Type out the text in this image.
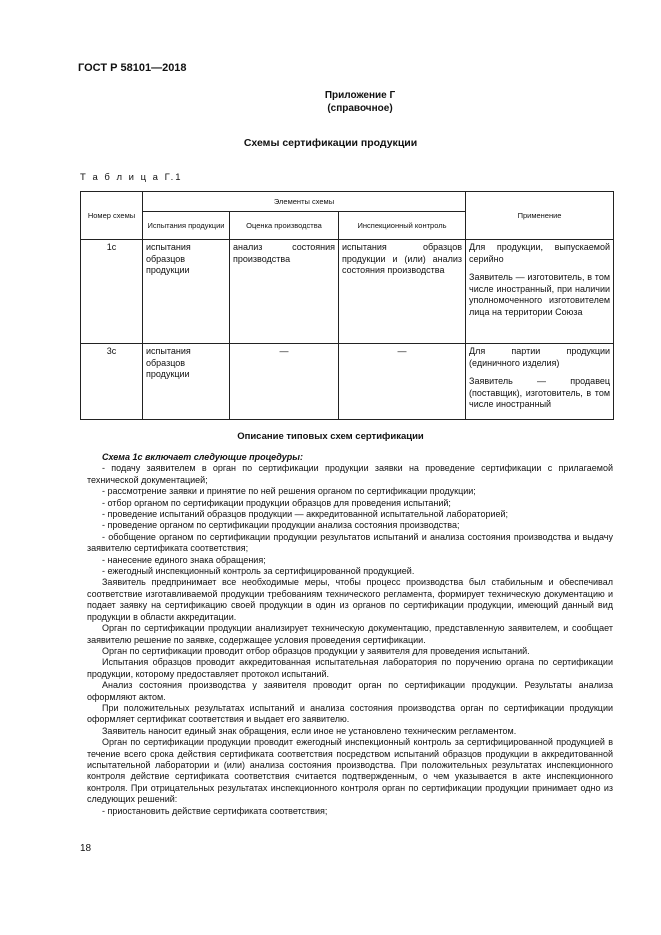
ГОСТ Р 58101—2018
Приложение Г
(справочное)
Схемы сертификации продукции
Т а б л и ц а Г.1
Номер схемы	Элементы схемы			Применение
	Испытания продукции	Оценка производства	Инспекционный контроль	
1с	испытания образцов продукции	анализ состояния производства	испытания образцов продукции и (или) анализ состояния производства	Для продукции, выпускаемой серийно

Заявитель — изготовитель, в том числе иностранный, при наличии уполномоченного изготовителем лица на территории Союза

3с	испытания образцов продукции	—	—	Для партии продукции (единичного изделия)

Заявитель — продавец (поставщик), изготовитель, в том числе иностранный

Описание типовых схем сертификации

Схема 1с включает следующие процедуры:

- подачу заявителем в орган по сертификации продукции заявки на проведение сертификации с прилагаемой технической документацией;

- рассмотрение заявки и принятие по ней решения органом по сертификации продукции;

- отбор органом по сертификации продукции образцов для проведения испытаний;

- проведение испытаний образцов продукции — аккредитованной испытательной лабораторией;

- проведение органом по сертификации продукции анализа состояния производства;

- обобщение органом по сертификации продукции результатов испытаний и анализа состояния производства и выдачу заявителю сертификата соответствия;

- нанесение единого знака обращения;

- ежегодный инспекционный контроль за сертифицированной продукцией.

Заявитель предпринимает все необходимые меры, чтобы процесс производства был стабильным и обеспечивал соответствие изготавливаемой продукции требованиям технического регламента, формирует техническую документацию и подает заявку на сертификацию своей продукции в один из органов по сертификации продукции, имеющий данный вид продукции в области аккредитации.

Орган по сертификации продукции анализирует техническую документацию, представленную заявителем, и сообщает заявителю решение по заявке, содержащее условия проведения сертификации.

Орган по сертификации проводит отбор образцов продукции у заявителя для проведения испытаний.

Испытания образцов проводит аккредитованная испытательная лаборатория по поручению органа по сертификации продукции, которому предоставляет протокол испытаний.

Анализ состояния производства у заявителя проводит орган по сертификации продукции. Результаты анализа оформляют актом.

При положительных результатах испытаний и анализа состояния производства орган по сертификации продукции оформляет сертификат соответствия и выдает его заявителю.

Заявитель наносит единый знак обращения, если иное не установлено техническим регламентом.

Орган по сертификации продукции проводит ежегодный инспекционный контроль за сертифицированной продукцией в течение всего срока действия сертификата соответствия посредством испытаний образцов продукции в аккредитованной испытательной лаборатории и (или) анализа состояния производства. При положительных результатах инспекционного контроля действие сертификата соответствия считается подтвержденным, о чем указывается в акте инспекционного контроля. При отрицательных результатах инспекционного контроля орган по сертификации продукции принимает одно из следующих решений:

- приостановить действие сертификата соответствия;

18
